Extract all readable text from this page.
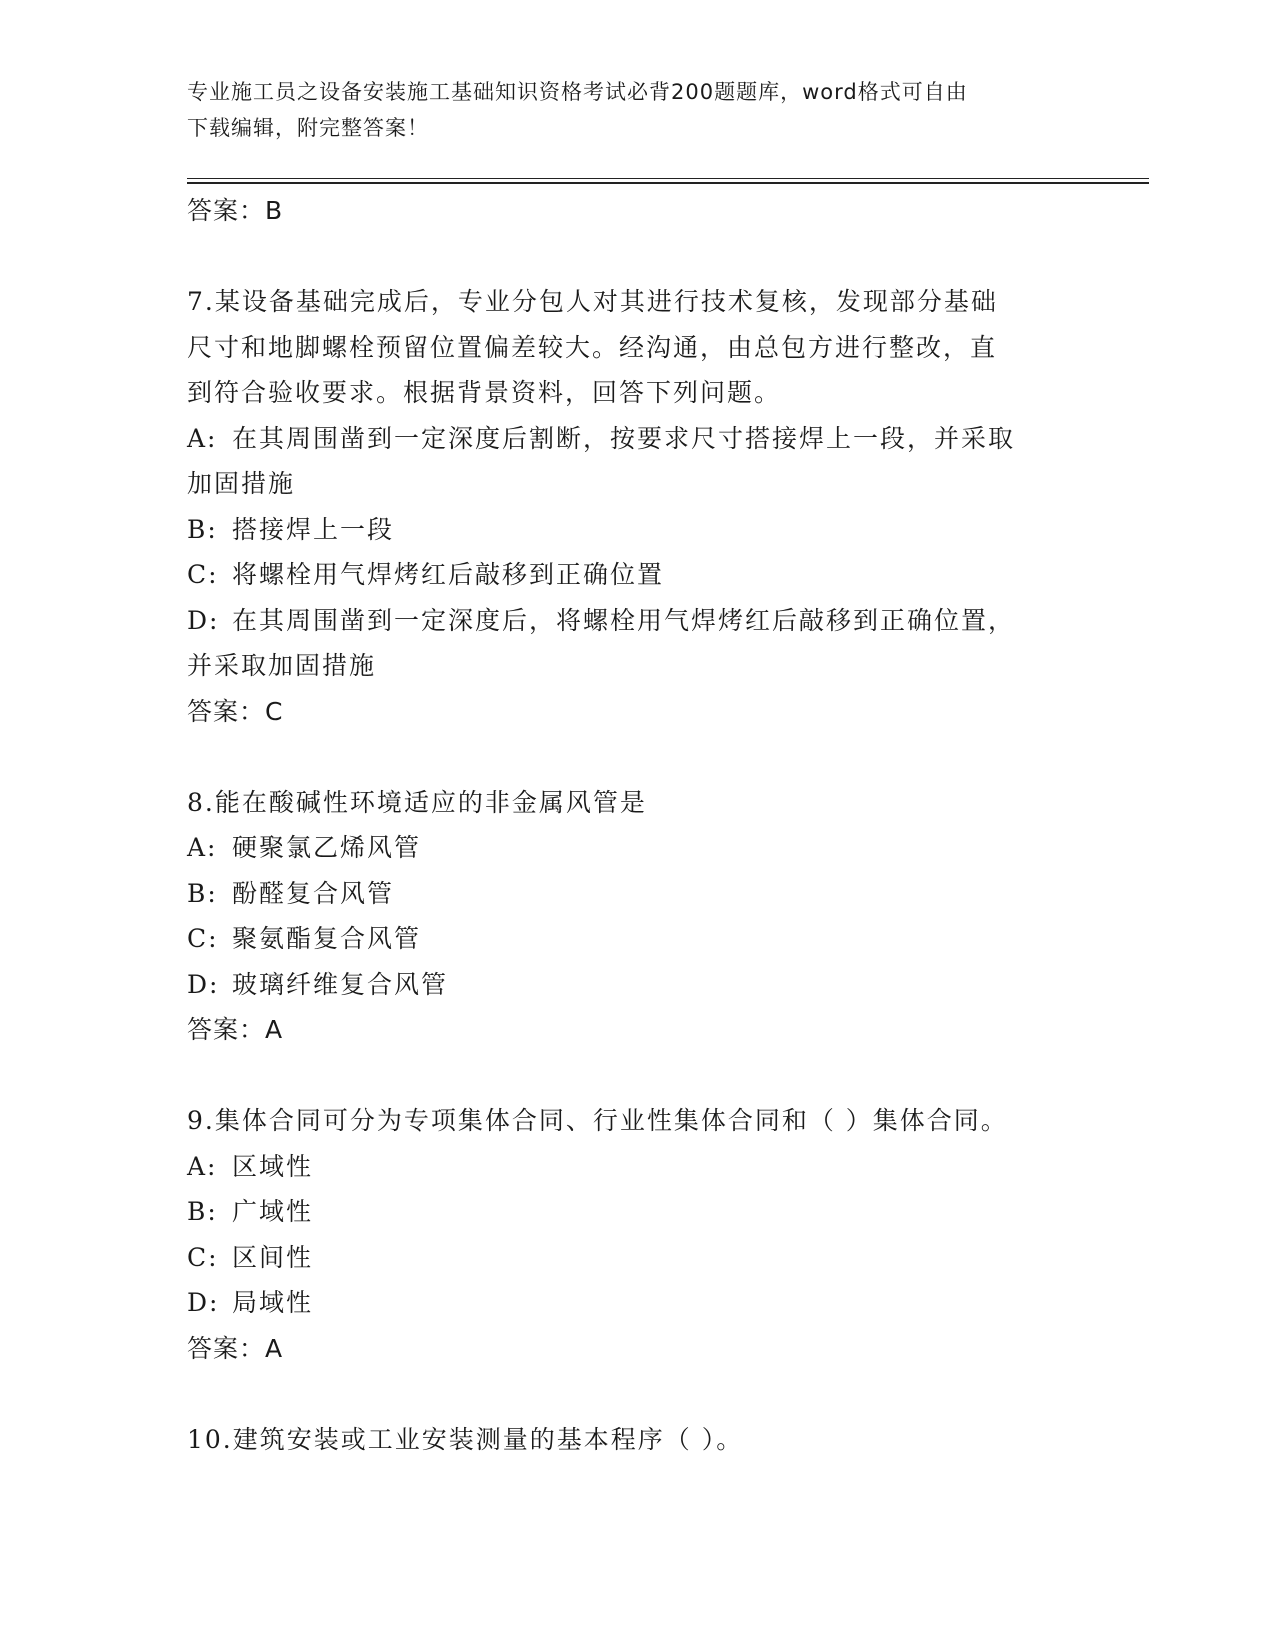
专业施工员之设备安装施工基础知识资格考试必背200题题库，word格式可自由
下载编辑，附完整答案！
答案：B
7.某设备基础完成后，专业分包人对其进行技术复核，发现部分基础
尺寸和地脚螺栓预留位置偏差较大。经沟通，由总包方进行整改，直
到符合验收要求。根据背景资料，回答下列问题。
A: 在其周围凿到一定深度后割断，按要求尺寸搭接焊上一段，并采取
加固措施
B: 搭接焊上一段
C: 将螺栓用气焊烤红后敲移到正确位置
D: 在其周围凿到一定深度后，将螺栓用气焊烤红后敲移到正确位置，
并采取加固措施
答案：C
8.能在酸碱性环境适应的非金属风管是
A: 硬聚氯乙烯风管
B: 酚醛复合风管
C: 聚氨酯复合风管
D: 玻璃纤维复合风管
答案：A
9.集体合同可分为专项集体合同、行业性集体合同和（ ）集体合同。
A: 区域性
B: 广域性
C: 区间性
D: 局域性
答案：A
10.建筑安装或工业安装测量的基本程序（ ）。
